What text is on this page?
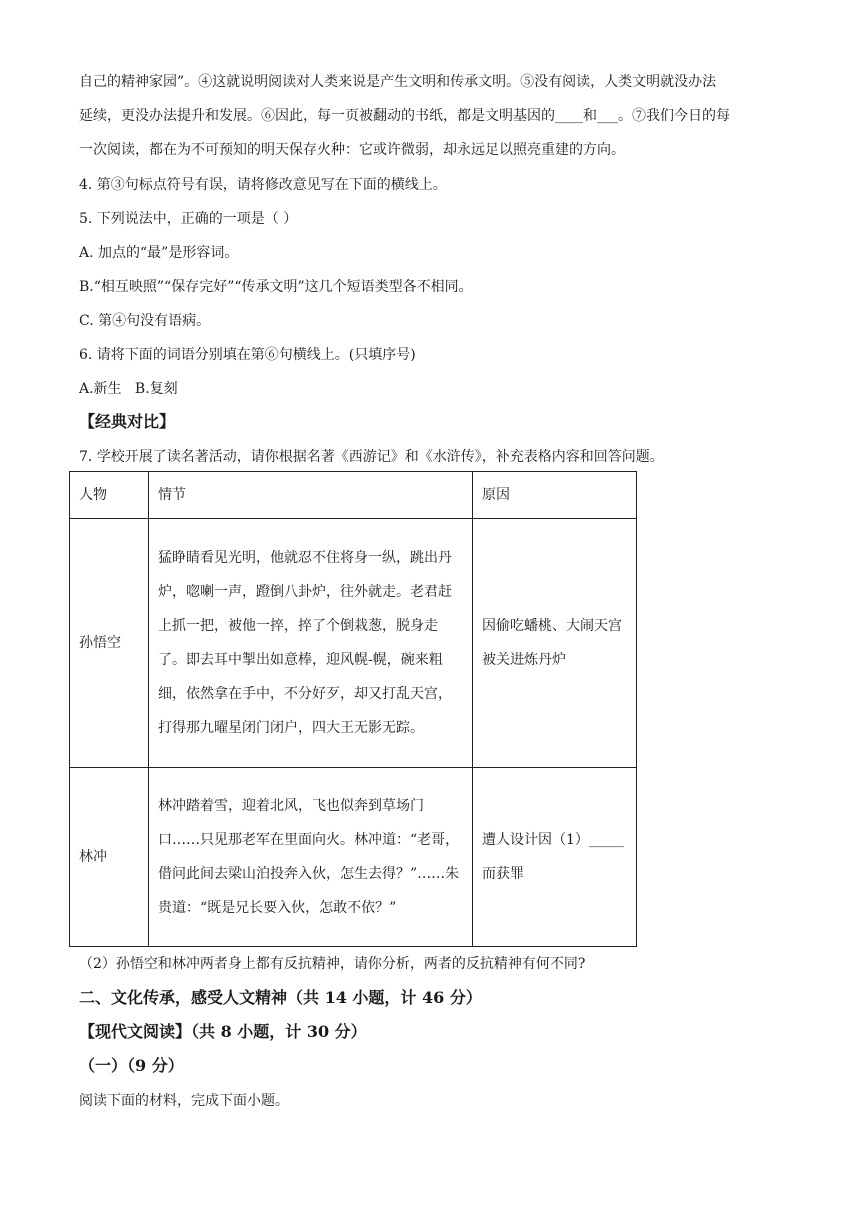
自己的精神家园”。④这就说明阅读对人类来说是产生文明和传承文明。⑤没有阅读，人类文明就没办法
延续，更没办法提升和发展。⑥因此，每一页被翻动的书纸，都是文明基因的____和___。⑦我们今日的每
一次阅读，都在为不可预知的明天保存火种：它或许微弱，却永远足以照亮重建的方向。
4. 第③句标点符号有误，请将修改意见写在下面的横线上。
5. 下列说法中，正确的一项是（ ）
A. 加点的“最”是形容词。
B.“相互映照”“保存完好”“传承文明”这几个短语类型各不相同。
C. 第④句没有语病。
6. 请将下面的词语分别填在第⑥句横线上。(只填序号)
A.新生   B.复刻
【经典对比】
7. 学校开展了读名著活动，请你根据名著《西游记》和《水浒传》，补充表格内容和回答问题。
人物	情节	原因
孙悟空	猛睁睛看见光明，他就忍不住将身一纵，跳出丹炉，唿喇一声，蹬倒八卦炉，往外就走。老君赶上抓一把，被他一捽，捽了个倒栽葱，脱身走了。即去耳中掣出如意棒，迎风幌-幌，碗来粗细，依然拿在手中，不分好歹，却又打乱天宫，打得那九曜星闭门闭户，四大王无影无踪。	因偷吃蟠桃、大闹天宫被关进炼丹炉
林冲	林冲踏着雪，迎着北风，飞也似奔到草场门口……只见那老军在里面向火。林冲道：“老哥，借问此间去梁山泊投奔入伙，怎生去得？”……朱贵道：“既是兄长要入伙，怎敢不依？”	遭人设计因（1）_____而获罪
（2）孙悟空和林冲两者身上都有反抗精神，请你分析，两者的反抗精神有何不同?
二、文化传承，感受人文精神（共 14 小题，计 46 分）
【现代文阅读】（共 8 小题，计 30 分）
（一）（9 分）
阅读下面的材料，完成下面小题。
